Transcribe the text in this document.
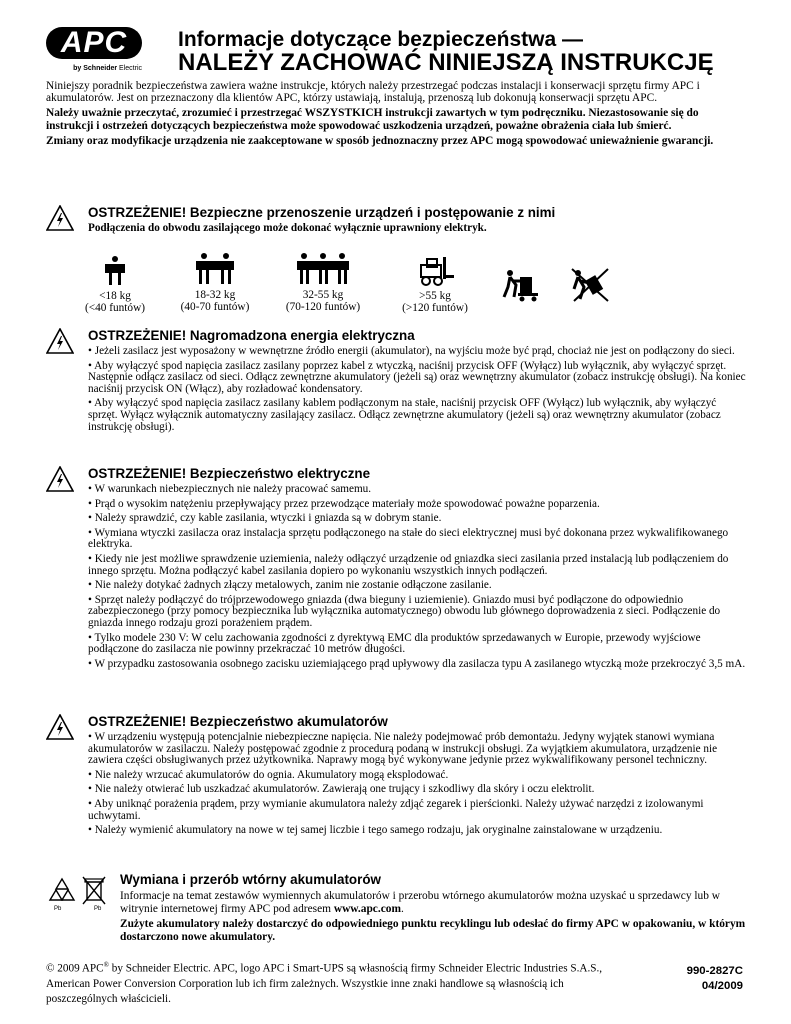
APC
by Schneider Electric
Informacje dotyczące bezpieczeństwa —
NALEŻY ZACHOWAĆ NINIEJSZĄ INSTRUKCJĘ

Niniejszy poradnik bezpieczeństwa zawiera ważne instrukcje, których należy przestrzegać podczas instalacji i konserwacji sprzętu firmy APC i akumulatorów. Jest on przeznaczony dla klientów APC, którzy ustawiają, instalują, przenoszą lub dokonują konserwacji sprzętu APC.

Należy uważnie przeczytać, zrozumieć i przestrzegać WSZYSTKICH instrukcji zawartych w tym podręczniku. Niezastosowanie się do instrukcji i ostrzeżeń dotyczących bezpieczeństwa może spowodować uszkodzenia urządzeń, poważne obrażenia ciała lub śmierć.

Zmiany oraz modyfikacje urządzenia nie zaakceptowane w sposób jednoznaczny przez APC mogą spowodować unieważnienie gwarancji.

OSTRZEŻENIE! Bezpieczne przenoszenie urządzeń i postępowanie z nimi
Podłączenia do obwodu zasilającego może dokonać wyłącznie uprawniony elektryk.
<18 kg
(<40 funtów)
18-32 kg
(40-70 funtów)
32-55 kg
(70-120 funtów)
>55 kg
(>120 funtów)
OSTRZEŻENIE! Nagromadzona energia elektryczna

• Jeżeli zasilacz jest wyposażony w wewnętrzne źródło energii (akumulator), na wyjściu może być prąd, chociaż nie jest on podłączony do sieci.

• Aby wyłączyć spod napięcia zasilacz zasilany poprzez kabel z wtyczką, naciśnij przycisk OFF (Wyłącz) lub wyłącznik, aby wyłączyć sprzęt. Następnie odłącz zasilacz od sieci. Odłącz zewnętrzne akumulatory (jeżeli są) oraz wewnętrzny akumulator (zobacz instrukcję obsługi). Na koniec naciśnij przycisk ON (Włącz), aby rozładować kondensatory.

• Aby wyłączyć spod napięcia zasilacz zasilany kablem podłączonym na stałe, naciśnij przycisk OFF (Wyłącz) lub wyłącznik, aby wyłączyć sprzęt. Wyłącz wyłącznik automatyczny zasilający zasilacz. Odłącz zewnętrzne akumulatory (jeżeli są) oraz wewnętrzny akumulator (zobacz instrukcję obsługi).

OSTRZEŻENIE! Bezpieczeństwo elektryczne

• W warunkach niebezpiecznych nie należy pracować samemu.

• Prąd o wysokim natężeniu przepływający przez przewodzące materiały może spowodować poważne poparzenia.

• Należy sprawdzić, czy kable zasilania, wtyczki i gniazda są w dobrym stanie.

• Wymiana wtyczki zasilacza oraz instalacja sprzętu podłączonego na stałe do sieci elektrycznej musi być dokonana przez wykwalifikowanego elektryka.

• Kiedy nie jest możliwe sprawdzenie uziemienia, należy odłączyć urządzenie od gniazdka sieci zasilania przed instalacją lub podłączeniem do innego sprzętu. Można podłączyć kabel zasilania dopiero po wykonaniu wszystkich innych podłączeń.

• Nie należy dotykać żadnych złączy metalowych, zanim nie zostanie odłączone zasilanie.

• Sprzęt należy podłączyć do trójprzewodowego gniazda (dwa bieguny i uziemienie). Gniazdo musi być podłączone do odpowiednio zabezpieczonego (przy pomocy bezpiecznika lub wyłącznika automatycznego) obwodu lub głównego doprowadzenia z sieci. Podłączenie do gniazda innego rodzaju grozi porażeniem prądem.

• Tylko modele 230 V: W celu zachowania zgodności z dyrektywą EMC dla produktów sprzedawanych w Europie, przewody wyjściowe podłączone do zasilacza nie powinny przekraczać 10 metrów długości.

• W przypadku zastosowania osobnego zacisku uziemiającego prąd upływowy dla zasilacza typu A zasilanego wtyczką może przekroczyć 3,5 mA.

OSTRZEŻENIE! Bezpieczeństwo akumulatorów

• W urządzeniu występują potencjalnie niebezpieczne napięcia. Nie należy podejmować prób demontażu. Jedyny wyjątek stanowi wymiana akumulatorów w zasilaczu. Należy postępować zgodnie z procedurą podaną w instrukcji obsługi. Za wyjątkiem akumulatora, urządzenie nie zawiera części obsługiwanych przez użytkownika. Naprawy mogą być wykonywane jedynie przez wykwalifikowany personel techniczny.

• Nie należy wrzucać akumulatorów do ognia. Akumulatory mogą eksplodować.

• Nie należy otwierać lub uszkadzać akumulatorów. Zawierają one trujący i szkodliwy dla skóry i oczu elektrolit.

• Aby uniknąć porażenia prądem, przy wymianie akumulatora należy zdjąć zegarek i pierścionki. Należy używać narzędzi z izolowanymi uchwytami.

• Należy wymienić akumulatory na nowe w tej samej liczbie i tego samego rodzaju, jak oryginalne zainstalowane w urządzeniu.

Pb	Pb
Wymiana i przerób wtórny akumulatorów

Informacje na temat zestawów wymiennych akumulatorów i przerobu wtórnego akumulatorów można uzyskać u sprzedawcy lub w witrynie internetowej firmy APC pod adresem www.apc.com.

Zużyte akumulatory należy dostarczyć do odpowiedniego punktu recyklingu lub odesłać do firmy APC w opakowaniu, w którym dostarczono nowe akumulatory.

© 2009 APC® by Schneider Electric. APC, logo APC i Smart-UPS są własnością firmy Schneider Electric Industries S.A.S., American Power Conversion Corporation lub ich firm zależnych. Wszystkie inne znaki handlowe są własnością ich poszczególnych właścicieli.
990-2827C
04/2009
